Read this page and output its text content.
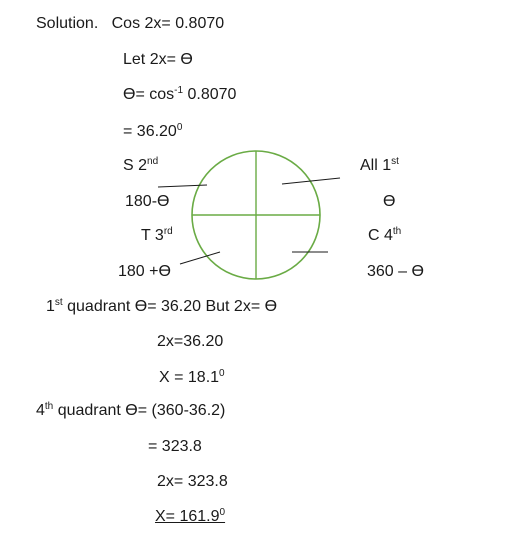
Solution. Cos 2x= 0.8070
Let 2x= ϴ
$ϴ= \cos^{-1} 0.8070$
= $36.20^0$
S 2nd
180-ϴ
T 3rd
180 +ϴ
All 1st
ϴ
C 4th
360 – ϴ
1st quadrant ϴ= 36.20 But 2x= ϴ
2x=36.20
$X = 18.1^0$
4th quadrant ϴ= (360-36.2)
= 323.8
2x= 323.8
$X= 161.9^0$
